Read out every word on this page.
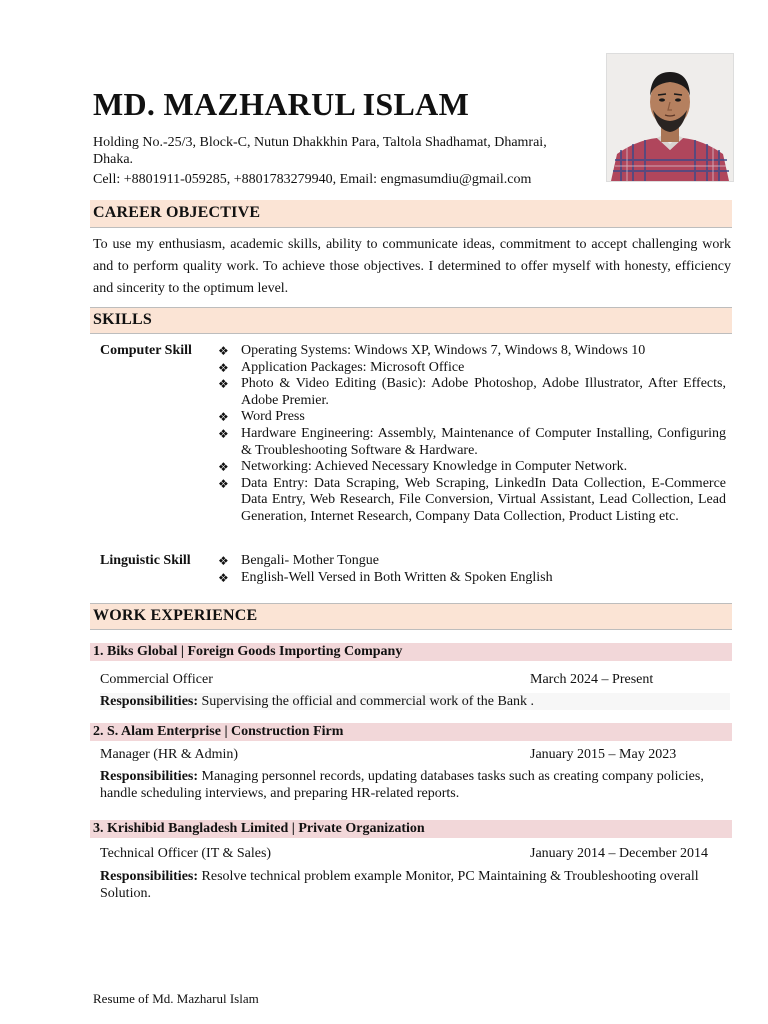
MD. MAZHARUL ISLAM
Holding No.-25/3, Block-C, Nutun Dhakkhin Para, Taltola Shadhamat, Dhamrai, Dhaka.
Cell: +8801911-059285, +8801783279940, Email: engmasumdiu@gmail.com
CAREER OBJECTIVE
To use my enthusiasm, academic skills, ability to communicate ideas, commitment to accept challenging work and to perform quality work. To achieve those objectives. I determined to offer myself with honesty, efficiency and sincerity to the optimum level.
SKILLS
Computer Skill ❖ Operating Systems: Windows XP, Windows 7, Windows 8, Windows 10
❖ Application Packages: Microsoft Office
❖ Photo & Video Editing (Basic): Adobe Photoshop, Adobe Illustrator, After Effects, Adobe Premier.
❖ Word Press
❖ Hardware Engineering: Assembly, Maintenance of Computer Installing, Configuring & Troubleshooting Software & Hardware.
❖ Networking: Achieved Necessary Knowledge in Computer Network.
❖ Data Entry: Data Scraping, Web Scraping, LinkedIn Data Collection, E-Commerce Data Entry, Web Research, File Conversion, Virtual Assistant, Lead Collection, Lead Generation, Internet Research, Company Data Collection, Product Listing etc.
Linguistic Skill ❖ Bengali- Mother Tongue
❖ English-Well Versed in Both Written & Spoken English
WORK EXPERIENCE
1. Biks Global | Foreign Goods Importing Company
Commercial Officer	March 2024 – Present
Responsibilities: Supervising the official and commercial work of the Bank .
2. S. Alam Enterprise | Construction Firm
Manager (HR & Admin)	January 2015 – May 2023
Responsibilities: Managing personnel records, updating databases tasks such as creating company policies, handle scheduling interviews, and preparing HR-related reports.
3. Krishibid Bangladesh Limited | Private Organization
Technical Officer (IT & Sales)	January 2014 – December 2014
Responsibilities: Resolve technical problem example Monitor, PC Maintaining & Troubleshooting overall Solution.
Resume of Md. Mazharul Islam
